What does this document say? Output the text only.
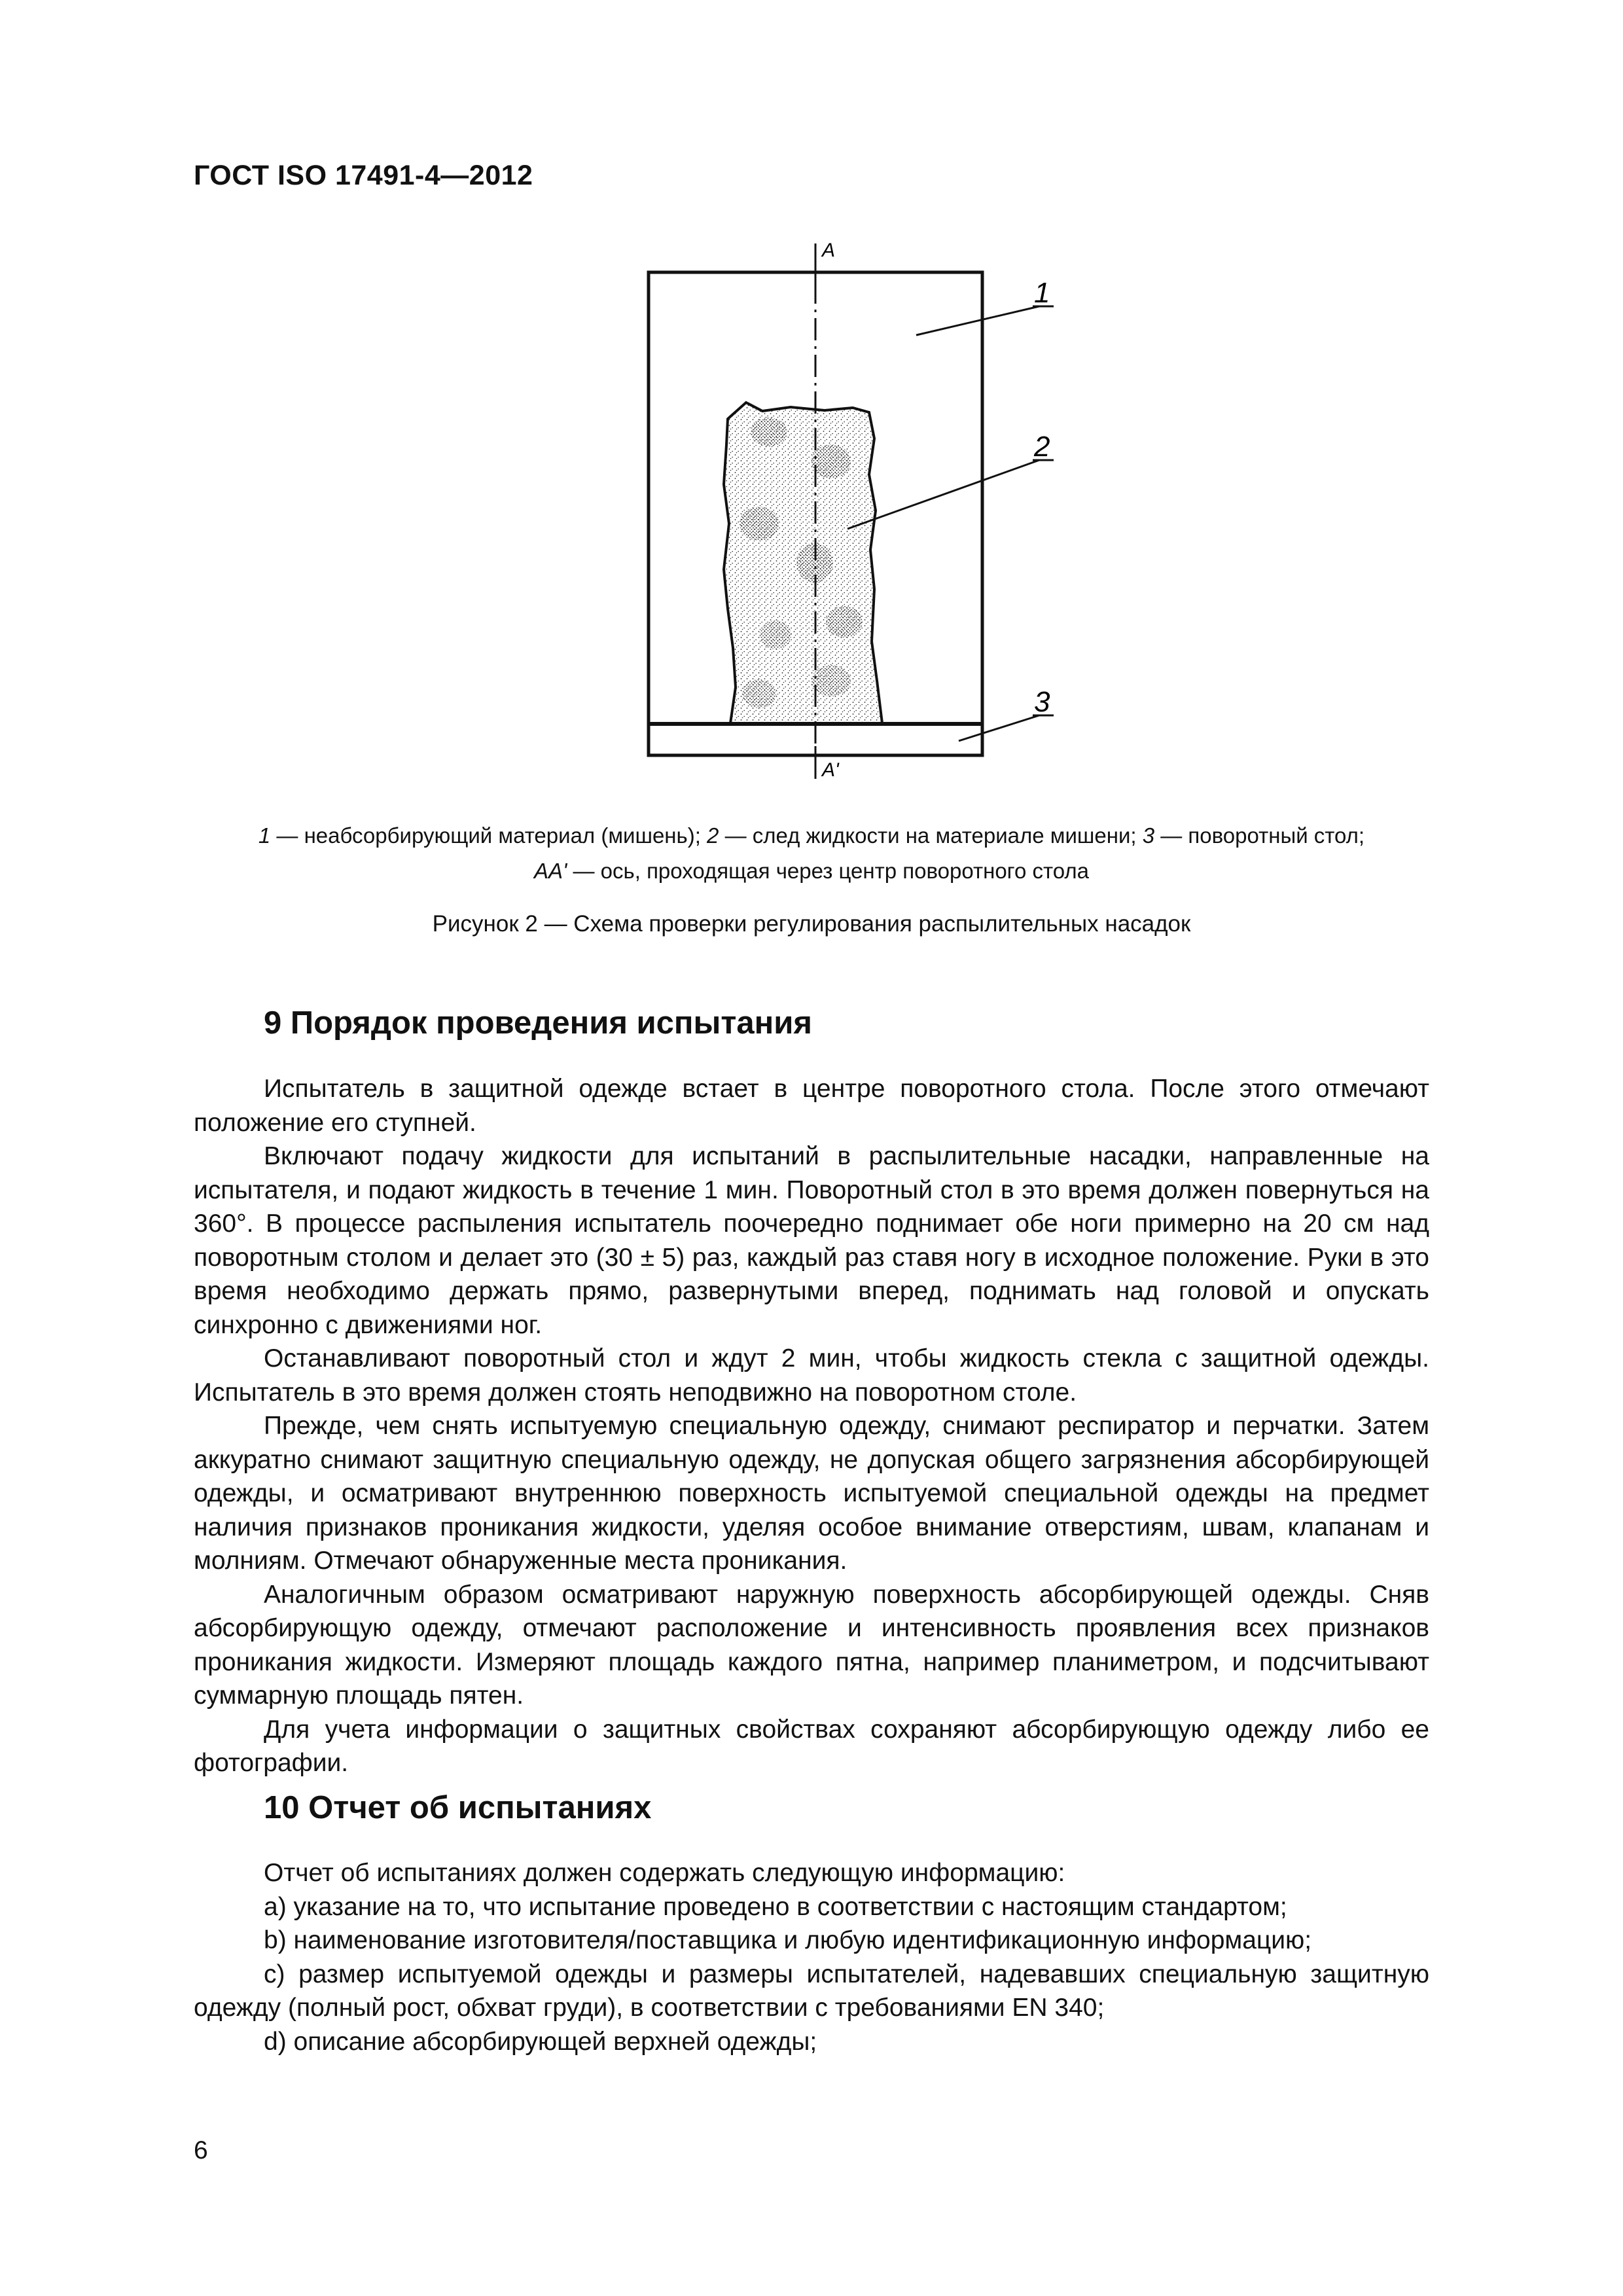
ГОСТ ISO 17491-4—2012
A
A'
1
2
3
1 — неабсорбирующий материал (мишень); 2 — след жидкости на материале мишени; 3 — поворотный стол;
АА' — ось, проходящая через центр поворотного стола
Рисунок 2 — Схема проверки регулирования распылительных насадок
9 Порядок проведения испытания

Испытатель в защитной одежде встает в центре поворотного стола. После этого отмечают положение его ступней.

Включают подачу жидкости для испытаний в распылительные насадки, направленные на испытателя, и подают жидкость в течение 1 мин. Поворотный стол в это время должен повернуться на 360°. В процессе распыления испытатель поочередно поднимает обе ноги примерно на 20 см над поворотным столом и делает это (30 ± 5) раз, каждый раз ставя ногу в исходное положение. Руки в это время необходимо держать прямо, развернутыми вперед, поднимать над головой и опускать синхронно с движениями ног.

Останавливают поворотный стол и ждут 2 мин, чтобы жидкость стекла с защитной одежды. Испытатель в это время должен стоять неподвижно на поворотном столе.

Прежде, чем снять испытуемую специальную одежду, снимают респиратор и перчатки. Затем аккуратно снимают защитную специальную одежду, не допуская общего загрязнения абсорбирующей одежды, и осматривают внутреннюю поверхность испытуемой специальной одежды на предмет наличия признаков проникания жидкости, уделяя особое внимание отверстиям, швам, клапанам и молниям. Отмечают обнаруженные места проникания.

Аналогичным образом осматривают наружную поверхность абсорбирующей одежды. Сняв абсорбирующую одежду, отмечают расположение и интенсивность проявления всех признаков проникания жидкости. Измеряют площадь каждого пятна, например планиметром, и подсчитывают суммарную площадь пятен.

Для учета информации о защитных свойствах сохраняют абсорбирующую одежду либо ее фотографии.

10 Отчет об испытаниях

Отчет об испытаниях должен содержать следующую информацию:

a) указание на то, что испытание проведено в соответствии с настоящим стандартом;

b) наименование изготовителя/поставщика и любую идентификационную информацию;

c) размер испытуемой одежды и размеры испытателей, надевавших специальную защитную одежду (полный рост, обхват груди), в соответствии с требованиями EN 340;

d) описание абсорбирующей верхней одежды;

6
